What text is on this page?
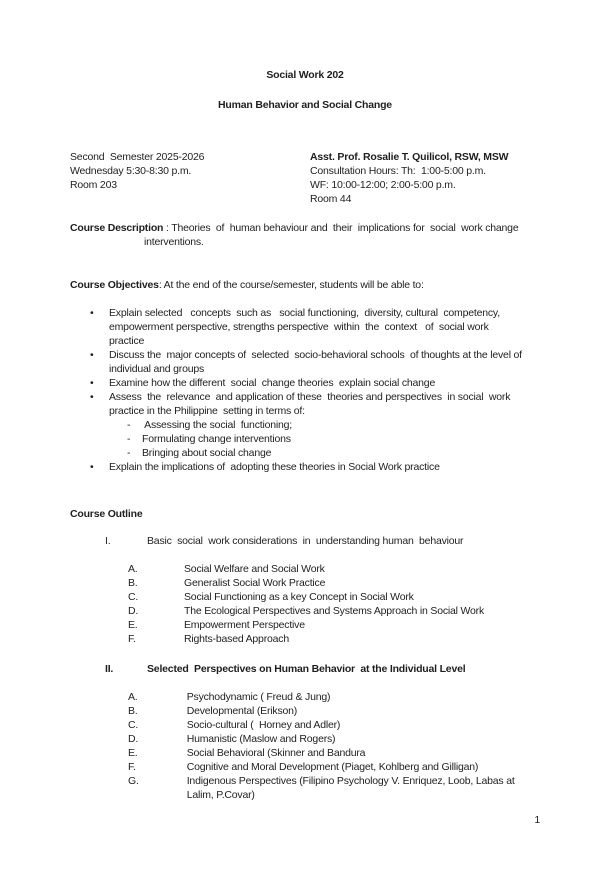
Social Work 202
Human Behavior and Social Change
Second  Semester 2025-2026
Wednesday 5:30-8:30 p.m.
Room 203
Asst. Prof. Rosalie T. Quilicol, RSW, MSW
Consultation Hours: Th:  1:00-5:00 p.m.
WF: 10:00-12:00; 2:00-5:00 p.m.
Room 44
Course Description : Theories  of  human behaviour and  their  implications for  social  work change
interventions.
Course Objectives: At the end of the course/semester, students will be able to:
•	Explain selected   concepts  such as   social functioning,  diversity, cultural  competency,
empowerment perspective, strengths perspective  within  the  context   of  social work
practice
•	Discuss the  major concepts of  selected  socio-behavioral schools  of thoughts at the level of
individual and groups
•	Examine how the different  social  change theories  explain social change
•	Assess  the  relevance  and application of these  theories and perspectives  in social  work
practice in the Philippine  setting in terms of:
-	Assessing the social  functioning;
-	Formulating change interventions
-	Bringing about social change
•	Explain the implications of  adopting these theories in Social Work practice
Course Outline
I.	Basic  social  work considerations  in  understanding human  behaviour
A.	Social Welfare and Social Work
B.	Generalist Social Work Practice
C.	Social Functioning as a key Concept in Social Work
D.	The Ecological Perspectives and Systems Approach in Social Work
E.	Empowerment Perspective
F.	Rights-based Approach
II.	Selected  Perspectives on Human Behavior  at the Individual Level
A.	Psychodynamic ( Freud & Jung)
B.	Developmental (Erikson)
C.	Socio-cultural (  Horney and Adler)
D.	Humanistic (Maslow and Rogers)
E.	Social Behavioral (Skinner and Bandura
F.	Cognitive and Moral Development (Piaget, Kohlberg and Gilligan)
G.	Indigenous Perspectives (Filipino Psychology V. Enriquez, Loob, Labas at
Lalim, P.Covar)
1
